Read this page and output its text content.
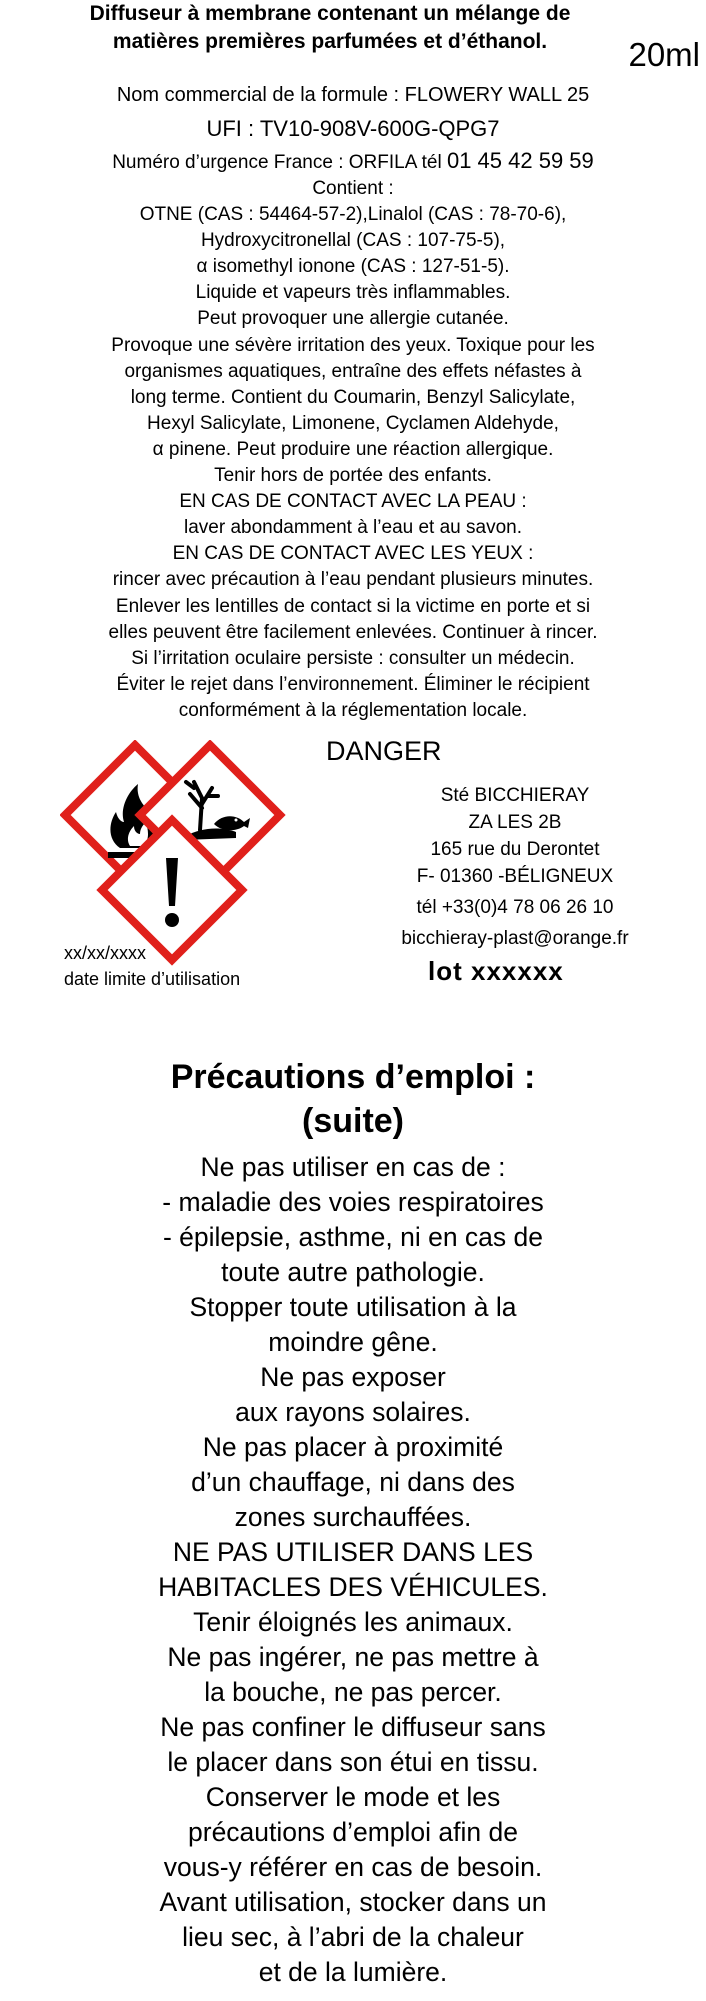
Diffuseur à membrane contenant un mélange de
matières premières parfumées et d’éthanol.	20ml
Nom commercial de la formule : FLOWERY WALL 25
UFI : TV10-908V-600G-QPG7
Numéro d’urgence France : ORFILA tél 01 45 42 59 59
Contient :
OTNE (CAS : 54464-57-2),Linalol (CAS : 78-70-6),
Hydroxycitronellal (CAS : 107-75-5),
α isomethyl ionone (CAS : 127-51-5).
Liquide et vapeurs très inflammables.
Peut provoquer une allergie cutanée.
Provoque une sévère irritation des yeux. Toxique pour les
organismes aquatiques, entraîne des effets néfastes à
long terme. Contient du Coumarin, Benzyl Salicylate,
Hexyl Salicylate, Limonene, Cyclamen Aldehyde,
α pinene. Peut produire une réaction allergique.
Tenir hors de portée des enfants.
EN CAS DE CONTACT AVEC LA PEAU :
laver abondamment à l’eau et au savon.
EN CAS DE CONTACT AVEC LES YEUX :
rincer avec précaution à l’eau pendant plusieurs minutes.
Enlever les lentilles de contact si la victime en porte et si
elles peuvent être facilement enlevées. Continuer à rincer.
Si l’irritation oculaire persiste : consulter un médecin.
Éviter le rejet dans l’environnement. Éliminer le récipient
conformément à la réglementation locale.
DANGER
Sté BICCHIERAY
ZA LES 2B
165 rue du Derontet
F- 01360 -BÉLIGNEUX
tél +33(0)4 78 06 26 10
bicchieray-plast@orange.fr
xx/xx/xxxx
date limite d’utilisation	lot xxxxxx
Précautions d’emploi :
(suite)
Ne pas utiliser en cas de :
- maladie des voies respiratoires
- épilepsie, asthme, ni en cas de
toute autre pathologie.
Stopper toute utilisation à la
moindre gêne.
Ne pas exposer
aux rayons solaires.
Ne pas placer à proximité
d’un chauffage, ni dans des
zones surchauffées.
NE PAS UTILISER DANS LES
HABITACLES DES VÉHICULES.
Tenir éloignés les animaux.
Ne pas ingérer, ne pas mettre à
la bouche, ne pas percer.
Ne pas confiner le diffuseur sans
le placer dans son étui en tissu.
Conserver le mode et les
précautions d’emploi afin de
vous-y référer en cas de besoin.
Avant utilisation, stocker dans un
lieu sec, à l’abri de la chaleur
et de la lumière.
